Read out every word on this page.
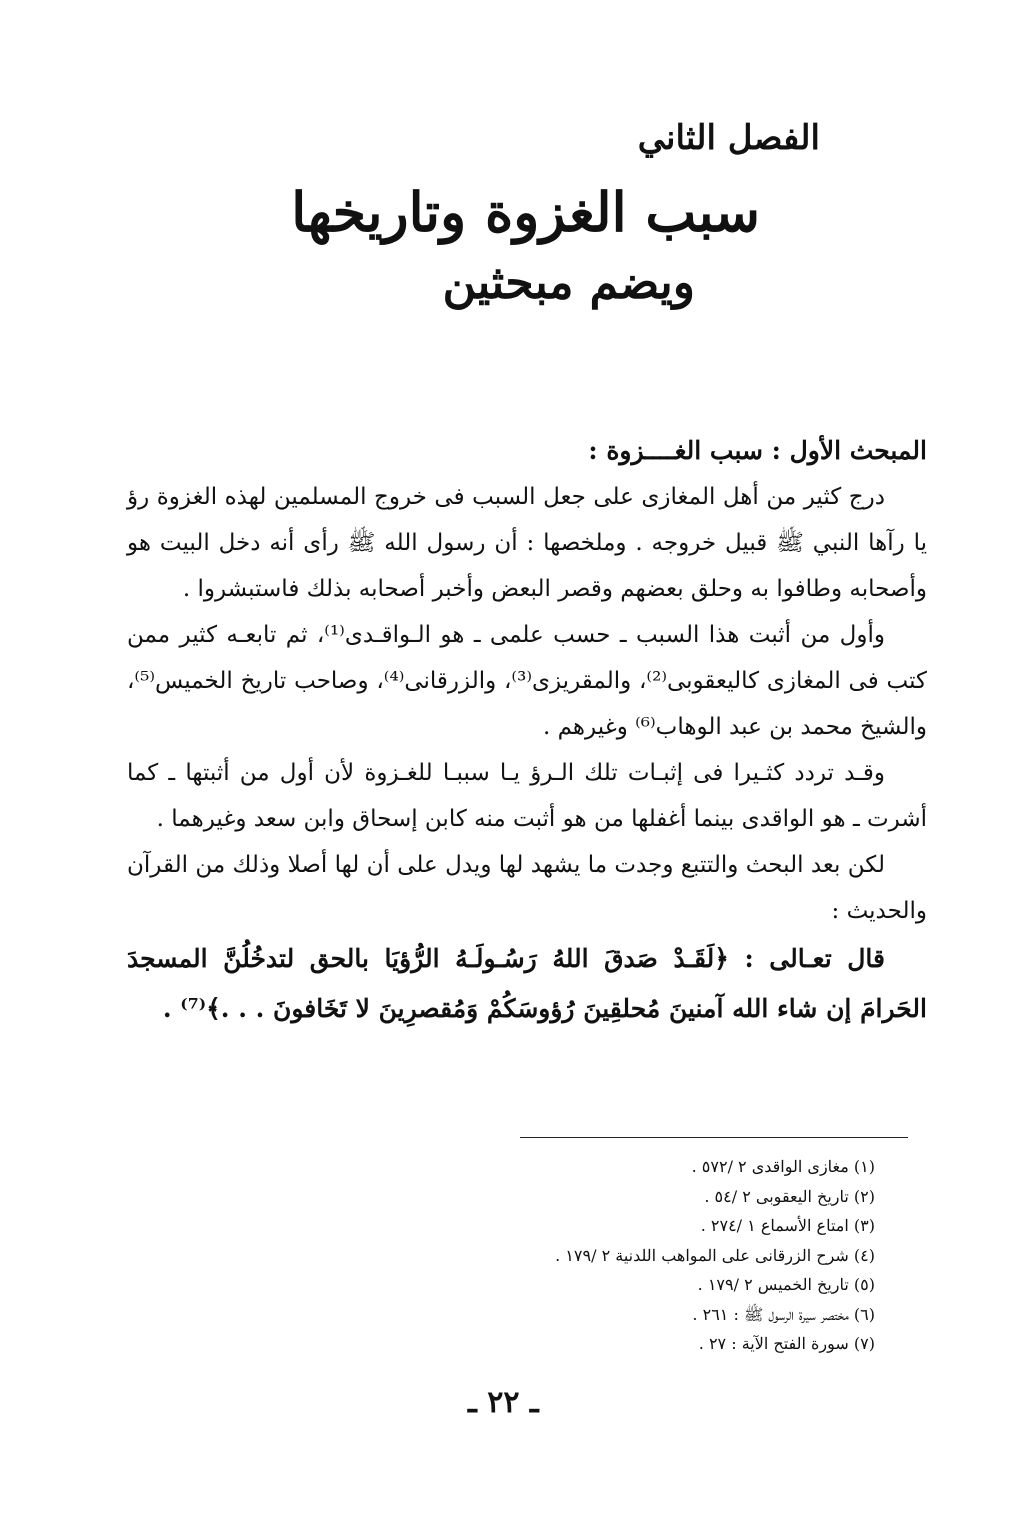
الفصل الثاني
سبب الغزوة وتاريخها
ويضم مبحثين

المبحث الأول : سبب الغــــزوة :

درج كثير من أهل المغازى على جعل السبب فى خروج المسلمين لهذه الغزوة رؤ يا رآها النبي ﷺ قبيل خروجه . وملخصها : أن رسول الله ﷺ رأى أنه دخل البيت هو وأصحابه وطافوا به وحلق بعضهم وقصر البعض وأخبر أصحابه بذلك فاستبشروا .

وأول من أثبت هذا السبب ـ حسب علمى ـ هو الـواقـدى⁽¹⁾، ثم تابعـه كثير ممن كتب فى المغازى كاليعقوبى⁽²⁾، والمقريزى⁽³⁾، والزرقانى⁽⁴⁾، وصاحب تاريخ الخميس⁽⁵⁾، والشيخ محمد بن عبد الوهاب⁽⁶⁾ وغيرهم .

وقـد تردد كثـيرا فى إثبـات تلك الـرؤ يـا سببـا للغـزوة لأن أول من أثبتها ـ كما أشرت ـ هو الواقدى بينما أغفلها من هو أثبت منه كابن إسحاق وابن سعد وغيرهما .

لكن بعد البحث والتتبع وجدت ما يشهد لها ويدل على أن لها أصلا وذلك من القرآن والحديث :

قال تعـالى : ﴿لَقَـدْ صَدقَ اللهُ رَسُـولَـهُ الرُّؤيَا بالحق لتدخُلُنَّ المسجدَ الحَرامَ إن شاء الله آمنينَ مُحلقِينَ رُؤوسَكُمْ وَمُقصرِينَ لا تَخَافونَ . . .﴾⁽⁷⁾ .

(١) مغازى الواقدى ٢ /٥٧٢ .

(٢) تاريخ اليعقوبى ٢ /٥٤ .

(٣) امتاع الأسماع ١ /٢٧٤ .

(٤) شرح الزرقانى على المواهب اللدنية ٢ /١٧٩ .

(٥) تاريخ الخميس ٢ /١٧٩ .

(٦) مختصر سيرة الرسول ﷺ : ٢٦١ .

(٧) سورة الفتح الآية : ٢٧ .

ـ ٢٢ ـ
